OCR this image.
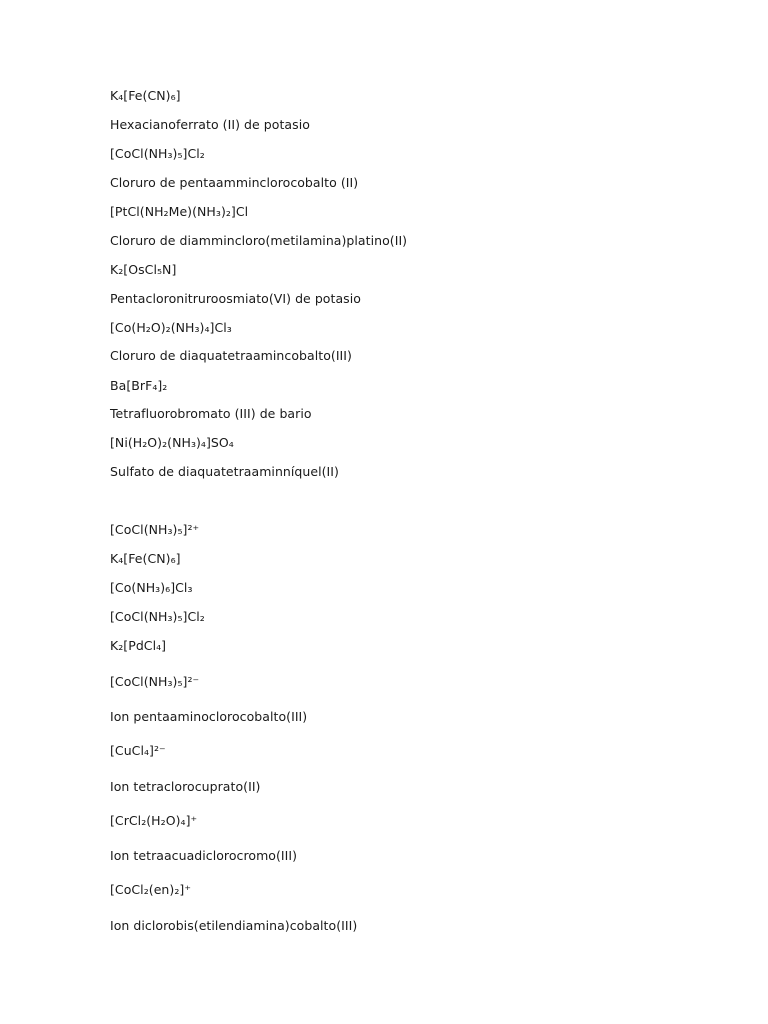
K₄[Fe(CN)₆]
Hexacianoferrato (II) de potasio
[CoCl(NH₃)₅]Cl₂
Cloruro de pentaamminclorocobalto (II)
[PtCl(NH₂Me)(NH₃)₂]Cl
Cloruro de diammincloro(metilamina)platino(II)
K₂[OsCl₅N]
Pentacloronitruroosmiato(VI) de potasio
[Co(H₂O)₂(NH₃)₄]Cl₃
Cloruro de diaquatetraamincobalto(III)
Ba[BrF₄]₂
Tetrafluorobromato (III) de bario
[Ni(H₂O)₂(NH₃)₄]SO₄
Sulfato de diaquatetraaminníquel(II)
[CoCl(NH₃)₅]²⁺
K₄[Fe(CN)₆]
[Co(NH₃)₆]Cl₃
[CoCl(NH₃)₅]Cl₂
K₂[PdCl₄]
[CoCl(NH₃)₅]²⁻
Ion pentaaminoclorocobalto(III)
[CuCl₄]²⁻
Ion tetraclorocuprato(II)
[CrCl₂(H₂O)₄]⁺
Ion tetraacuadiclorocromo(III)
[CoCl₂(en)₂]⁺
Ion diclorobis(etilendiamina)cobalto(III)
